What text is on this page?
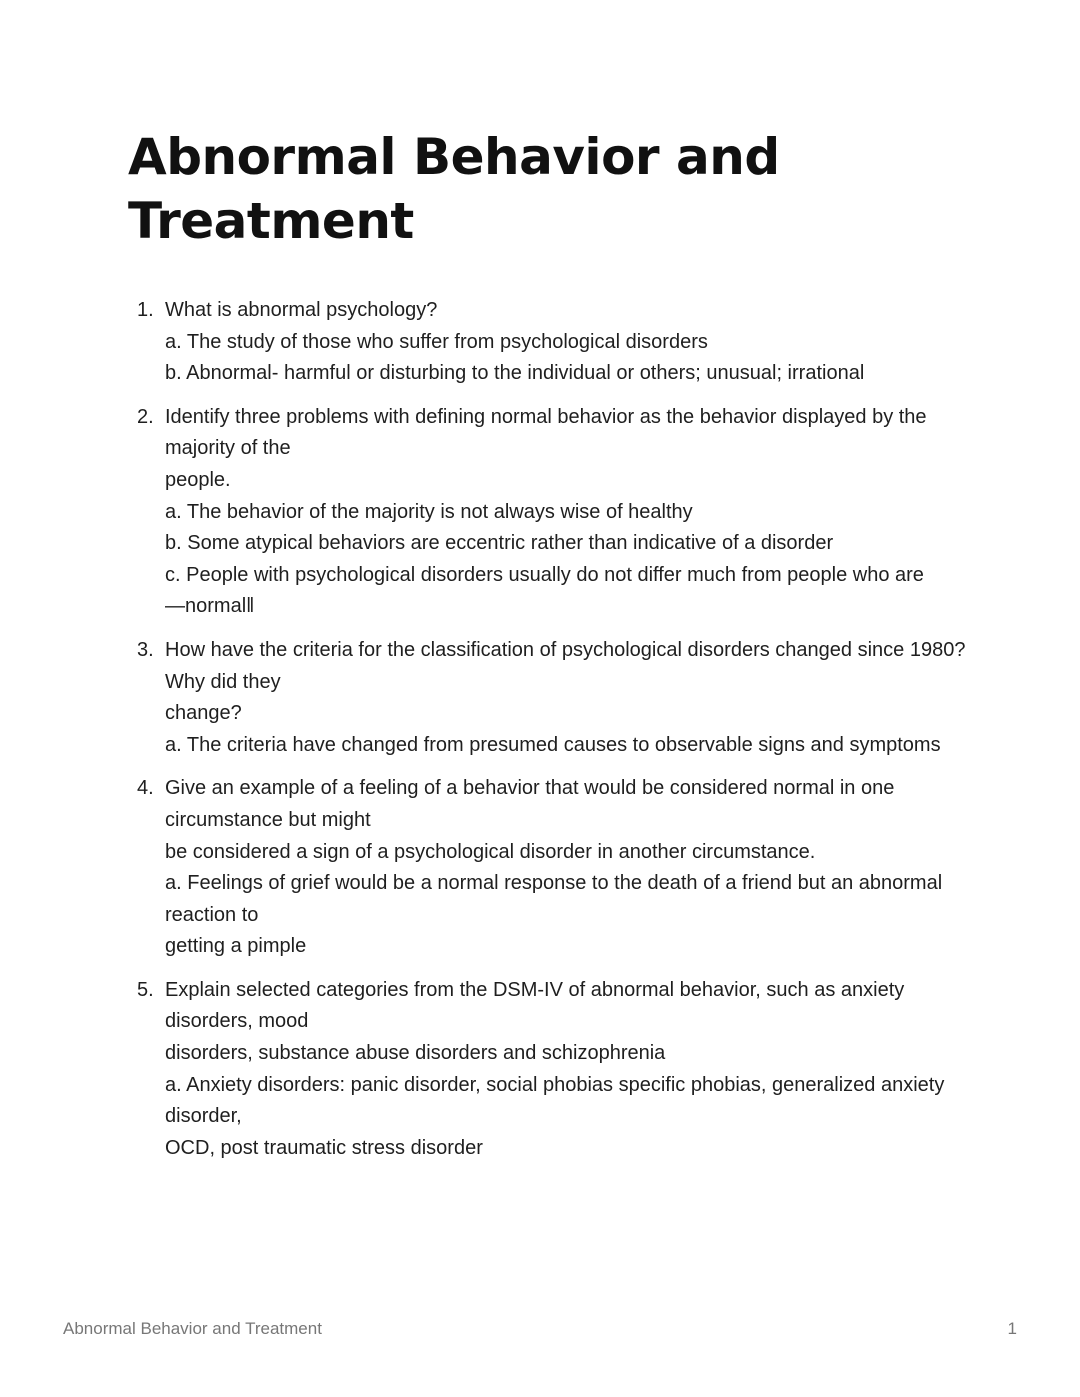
Abnormal Behavior and Treatment
1. What is abnormal psychology?
a. The study of those who suffer from psychological disorders
b. Abnormal- harmful or disturbing to the individual or others; unusual; irrational
2. Identify three problems with defining normal behavior as the behavior displayed by the majority of the
people.
a. The behavior of the majority is not always wise of healthy
b. Some atypical behaviors are eccentric rather than indicative of a disorder
c. People with psychological disorders usually do not differ much from people who are ―normal‖
3. How have the criteria for the classification of psychological disorders changed since 1980? Why did they
change?
a. The criteria have changed from presumed causes to observable signs and symptoms
4. Give an example of a feeling of a behavior that would be considered normal in one circumstance but might
be considered a sign of a psychological disorder in another circumstance.
a. Feelings of grief would be a normal response to the death of a friend but an abnormal reaction to
getting a pimple
5. Explain selected categories from the DSM-IV of abnormal behavior, such as anxiety disorders, mood
disorders, substance abuse disorders and schizophrenia
a. Anxiety disorders: panic disorder, social phobias specific phobias, generalized anxiety disorder,
OCD, post traumatic stress disorder
Abnormal Behavior and Treatment	1
